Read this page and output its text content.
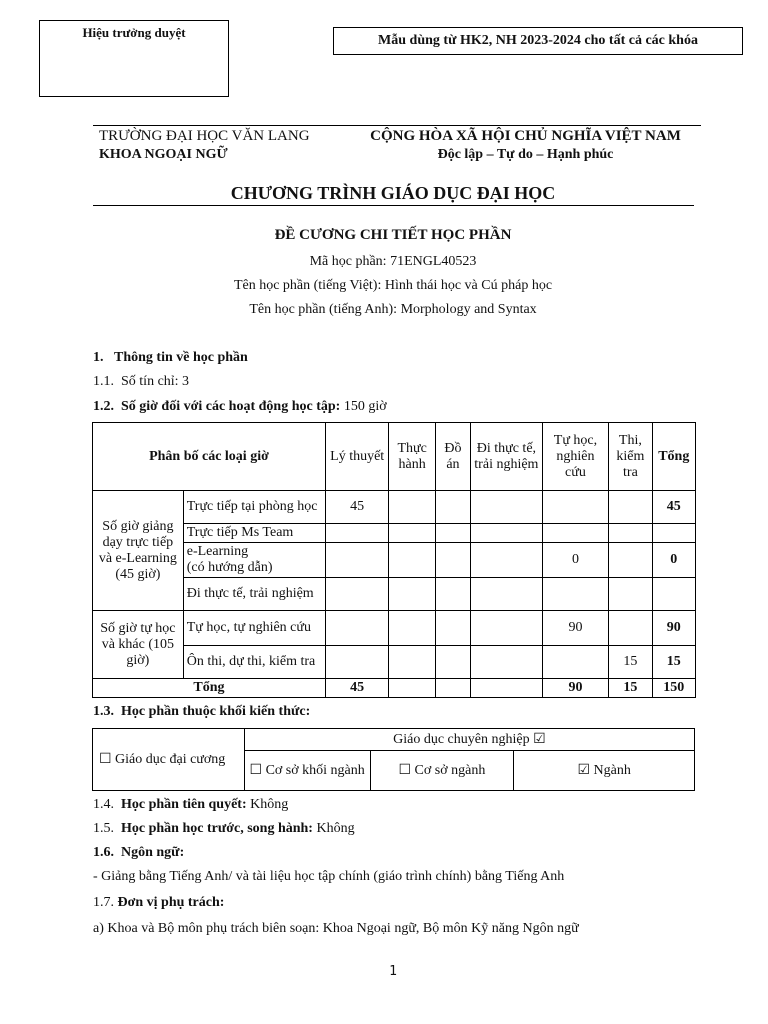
Hiệu trưởng duyệt
Mẫu dùng từ HK2, NH 2023-2024 cho tất cả các khóa

TRƯỜNG ĐẠI HỌC VĂN LANG

KHOA NGOẠI NGỮ

CỘNG HÒA XÃ HỘI CHỦ NGHĨA VIỆT NAM

Độc lập – Tự do – Hạnh phúc

CHƯƠNG TRÌNH GIÁO DỤC ĐẠI HỌC

ĐỀ CƯƠNG CHI TIẾT HỌC PHẦN

Mã học phần: 71ENGL40523

Tên học phần (tiếng Việt): Hình thái học và Cú pháp học

Tên học phần (tiếng Anh): Morphology and Syntax

1. Thông tin về học phần

1.1. Số tín chỉ: 3

1.2. Số giờ đối với các hoạt động học tập: 150 giờ

Phân bố các loại giờ		Lý thuyết	Thực hành	Đồ án	Đi thực tế, trải nghiệm	Tự học, nghiên cứu	Thi, kiểm tra	Tổng
Số giờ giảng dạy trực tiếp và e-Learning (45 giờ)	Trực tiếp tại phòng học	45						45
	Trực tiếp Ms Team							
	e-Learning
(có hướng dẫn)					0		0
	Đi thực tế, trải nghiệm							
Số giờ tự học và khác (105 giờ)	Tự học, tự nghiên cứu					90		90
	Ôn thi, dự thi, kiểm tra						15	15
Tổng		45				90	15	150

1.3. Học phần thuộc khối kiến thức:

☐ Giáo dục đại cương	Giáo dục chuyên nghiệp ☑		
	☐ Cơ sở khối ngành	☐ Cơ sở ngành	☑ Ngành

1.4. Học phần tiên quyết: Không

1.5. Học phần học trước, song hành: Không

1.6. Ngôn ngữ:

- Giảng bằng Tiếng Anh/ và tài liệu học tập chính (giáo trình chính) bằng Tiếng Anh

1.7. Đơn vị phụ trách:

a) Khoa và Bộ môn phụ trách biên soạn: Khoa Ngoại ngữ, Bộ môn Kỹ năng Ngôn ngữ

1
